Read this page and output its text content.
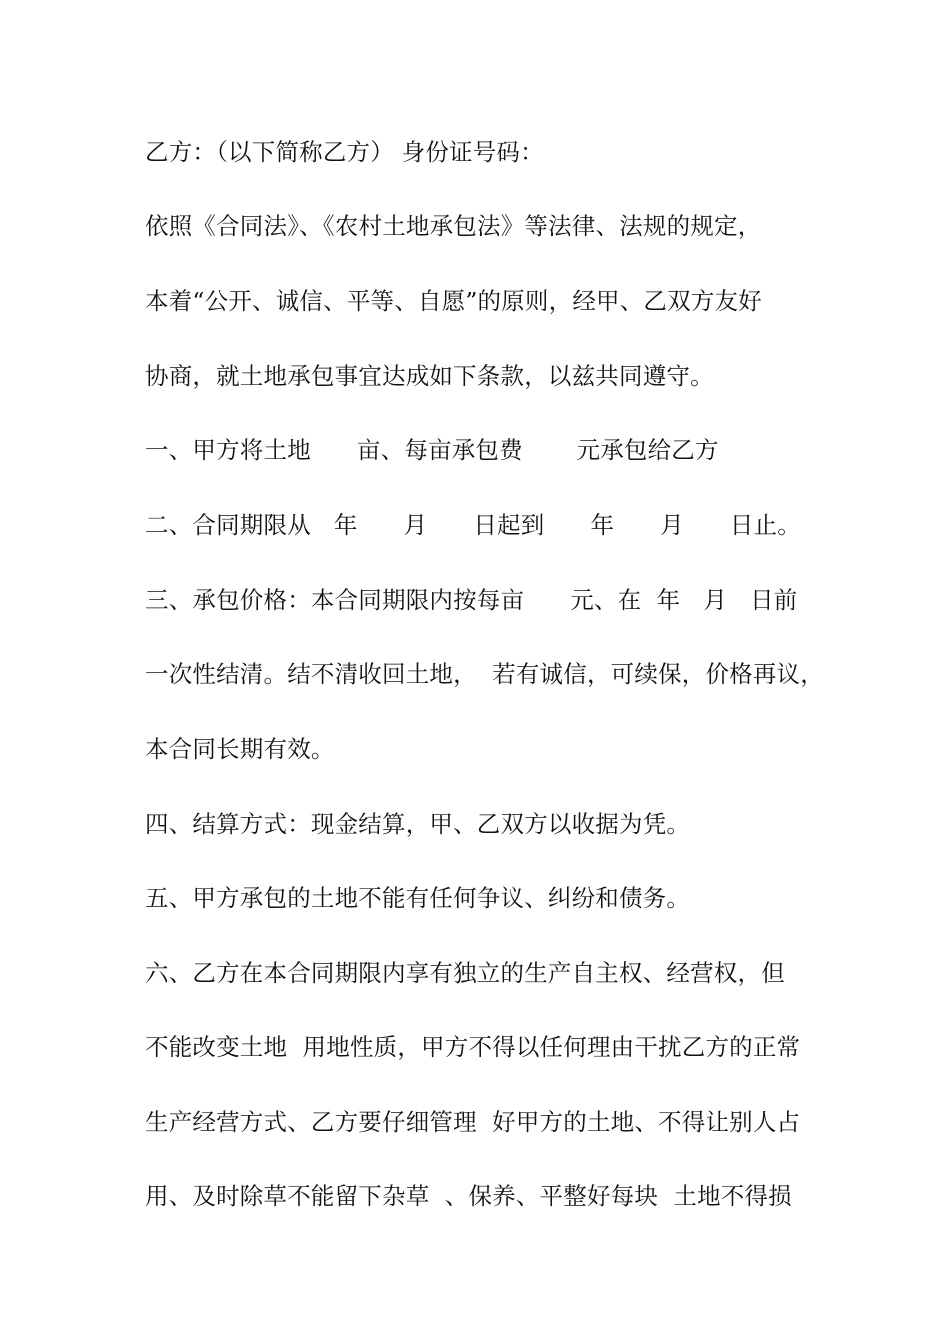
乙方：（以下简称乙方） 身份证号码：

依照《合同法》、《农村土地承包法》等法律、法规的规定，

本着“公开、诚信、平等、自愿”的原则，经甲、乙双方友好

协商，就土地承包事宜达成如下条款，以兹共同遵守。

一、甲方将土地      亩、每亩承包费       元承包给乙方

二、合同期限从   年      月      日起到      年      月      日止。

三、承包价格：本合同期限内按每亩      元、在  年   月   日前

一次性结清。结不清收回土地，  若有诚信，可续保，价格再议，

本合同长期有效。

四、结算方式：现金结算，甲、乙双方以收据为凭。

五、甲方承包的土地不能有任何争议、纠纷和债务。

六、乙方在本合同期限内享有独立的生产自主权、经营权，但

不能改变土地  用地性质，甲方不得以任何理由干扰乙方的正常

生产经营方式、乙方要仔细管理  好甲方的土地、不得让别人占

用、及时除草不能留下杂草  、保养、平整好每块  土地不得损
